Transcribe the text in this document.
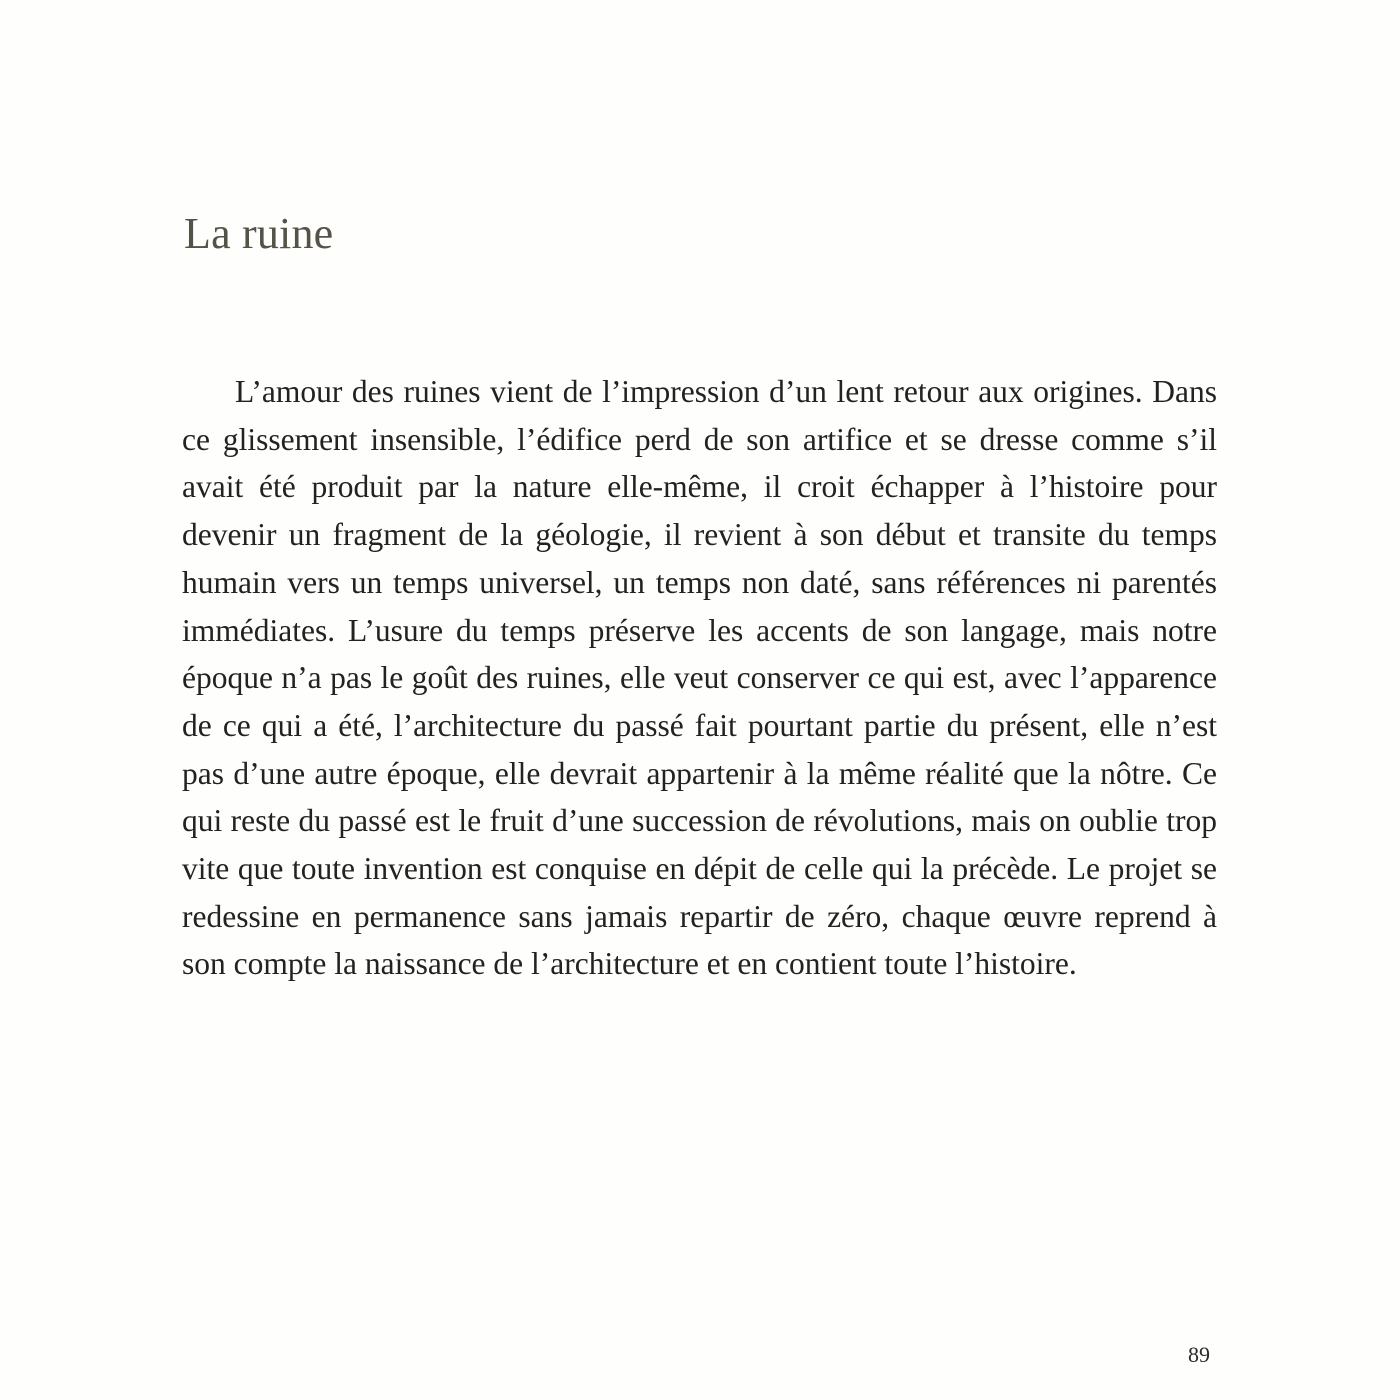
La ruine

L’amour des ruines vient de l’impression d’un lent retour aux origines. Dans ce glissement insensible, l’édifice perd de son artifice et se dresse comme s’il avait été produit par la nature elle-même, il croit échapper à l’histoire pour devenir un fragment de la géologie, il revient à son début et transite du temps humain vers un temps universel, un temps non daté, sans références ni parentés immédiates. L’usure du temps préserve les accents de son langage, mais notre époque n’a pas le goût des ruines, elle veut conserver ce qui est, avec l’apparence de ce qui a été, l’architecture du passé fait pourtant partie du présent, elle n’est pas d’une autre époque, elle devrait appartenir à la même réalité que la nôtre. Ce qui reste du passé est le fruit d’une succession de révolutions, mais on oublie trop vite que toute invention est conquise en dépit de celle qui la précède. Le projet se redessine en permanence sans jamais repartir de zéro, chaque œuvre reprend à son compte la naissance de l’architecture et en contient toute l’histoire.

89
